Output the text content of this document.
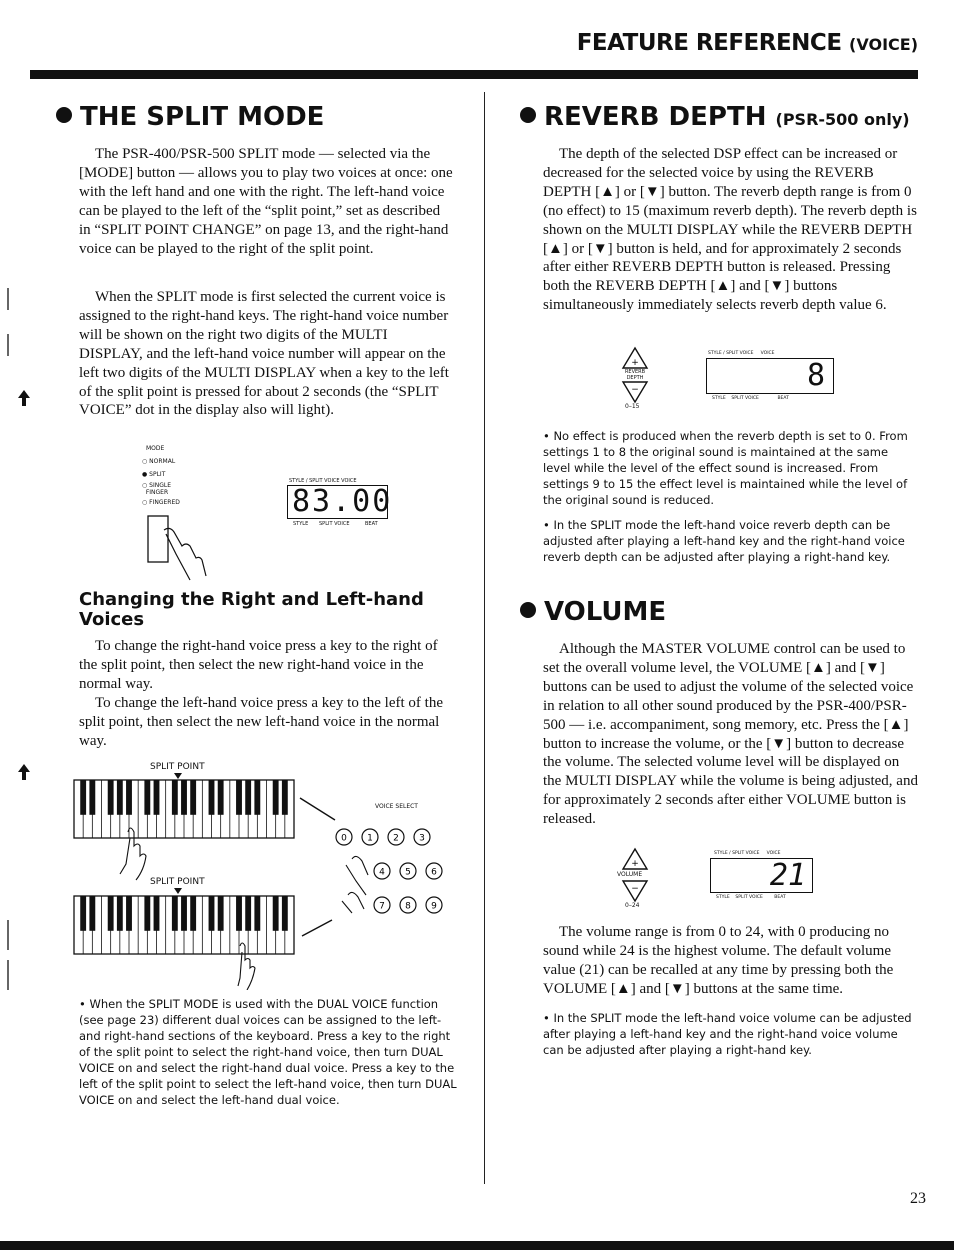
FEATURE REFERENCE (VOICE)
THE SPLIT MODE

The PSR-400/PSR-500 SPLIT mode — selected via the [MODE] button — allows you to play two voices at once: one with the left hand and one with the right. The left-hand voice can be played to the left of the “split point,” set as described in “SPLIT POINT CHANGE” on page 13, and the right-hand voice can be played to the right of the split point.

When the SPLIT mode is first selected the current voice is assigned to the right-hand keys. The right-hand voice number will be shown on the right two digits of the MULTI DISPLAY, and the left-hand voice number will appear on the left two digits of the MULTI DISPLAY when a key to the left of the split point is pressed for about 2 seconds (the “SPLIT VOICE” dot in the display also will light).

MODE
○ NORMAL
● SPLIT
○ SINGLE
FINGER
○ FINGERED
STYLE / SPLIT VOICE VOICE
83.00
STYLE SPLIT VOICE	BEAT
Changing the Right and Left-hand Voices

To change the right-hand voice press a key to the right of the split point, then select the new right-hand voice in the normal way.

To change the left-hand voice press a key to the left of the split point, then select the new left-hand voice in the normal way.

SPLIT POINT
SPLIT POINT
VOICE SELECT
0 1 2 3
4 5 6
7 8 9
• When the SPLIT MODE is used with the DUAL VOICE function (see page 23) different dual voices can be assigned to the left- and right-hand sections of the keyboard. Press a key to the right of the split point to select the right-hand voice, then turn DUAL VOICE on and select the right-hand dual voice. Press a key to the left of the split point to select the left-hand voice, then turn DUAL VOICE on and select the left-hand dual voice.
REVERB DEPTH (PSR-500 only)

The depth of the selected DSP effect can be increased or decreased for the selected voice by using the REVERB DEPTH [▲] or [▼] button. The reverb depth range is from 0 (no effect) to 15 (maximum reverb depth). The reverb depth is shown on the MULTI DISPLAY while the REVERB DEPTH [▲] or [▼] button is held, and for approximately 2 seconds after either REVERB DEPTH button is released. Pressing both the REVERB DEPTH [▲] and [▼] buttons simultaneously immediately selects reverb depth value 6.

+
−
REVERB DEPTH
0–15
STYLE / SPLIT VOICE     VOICE
8
STYLE    SPLIT VOICE             BEAT
• No effect is produced when the reverb depth is set to 0. From settings 1 to 8 the original sound is maintained at the same level while the level of the effect sound is increased. From settings 9 to 15 the effect level is maintained while the level of the original sound is reduced.
• In the SPLIT mode the left-hand voice reverb depth can be adjusted after playing a left-hand key and the right-hand voice reverb depth can be adjusted after playing a right-hand key.
VOLUME

Although the MASTER VOLUME control can be used to set the overall volume level, the VOLUME [▲] and [▼] buttons can be used to adjust the volume of the selected voice in relation to all other sound produced by the PSR-400/PSR-500 — i.e. accompaniment, song memory, etc. Press the [▲] button to increase the volume, or the [▼] button to decrease the volume. The selected volume level will be displayed on the MULTI DISPLAY while the volume is being adjusted, and for approximately 2 seconds after either VOLUME button is released.

+
−
VOLUME
0–24
STYLE / SPLIT VOICE     VOICE
21
STYLE    SPLIT VOICE        BEAT

The volume range is from 0 to 24, with 0 producing no sound while 24 is the highest volume. The default volume value (21) can be recalled at any time by pressing both the VOLUME [▲] and [▼] buttons at the same time.

• In the SPLIT mode the left-hand voice volume can be adjusted after playing a left-hand key and the right-hand voice volume can be adjusted after playing a right-hand key.
23
